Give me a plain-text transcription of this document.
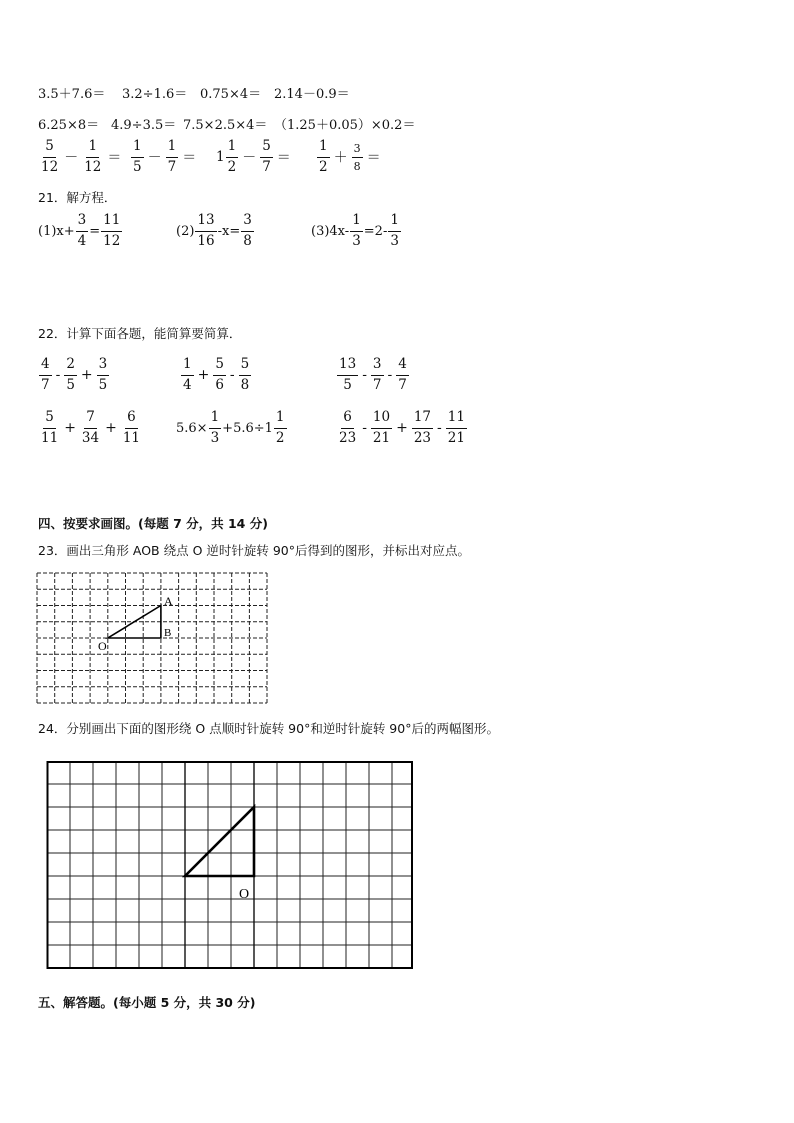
3.5＋7.6＝ 3.2÷1.6＝ 0.75×4＝ 2.14－0.9＝
6.25×8＝ 4.9÷3.5＝ 7.5×2.5×4＝ （1.25＋0.05）×0.2＝
$\frac{5}{12} - \frac{1}{12} = \frac{1}{5} - \frac{1}{7} = 1 \frac{1}{2} - \frac{5}{7} = \frac{1}{2} + \frac{3}{8}$ ＝
21．解方程．
$(1)x+ \frac{3}{4} = \frac{11}{12}$	$(2) \frac{13}{16} -x= \frac{3}{8}$	$(3)4x- \frac{1}{3} =2- \frac{1}{3}$
22．计算下面各题，能简算要简算．
$\frac{4}{7} - \frac{2}{5} + \frac{3}{5}$	$\frac{1}{4} + \frac{5}{6} - \frac{5}{8}$	$\frac{13}{5} - \frac{3}{7} - \frac{4}{7}$
$\frac{5}{11} + \frac{7}{34} + \frac{6}{11}$	$5.6\times \frac{1}{3} +5.6\div 1 \frac{1}{2}$	$\frac{6}{23} - \frac{10}{21} + \frac{17}{23} - \frac{11}{21}$
四、按要求画图。(每题 7 分，共 14 分)
23．画出三角形 AOB 绕点 O 逆时针旋转 90°后得到的图形，并标出对应点。
A
B
O
24．分别画出下面的图形绕 O 点顺时针旋转 90°和逆时针旋转 90°后的两幅图形。
O
五、解答题。(每小题 5 分，共 30 分)
